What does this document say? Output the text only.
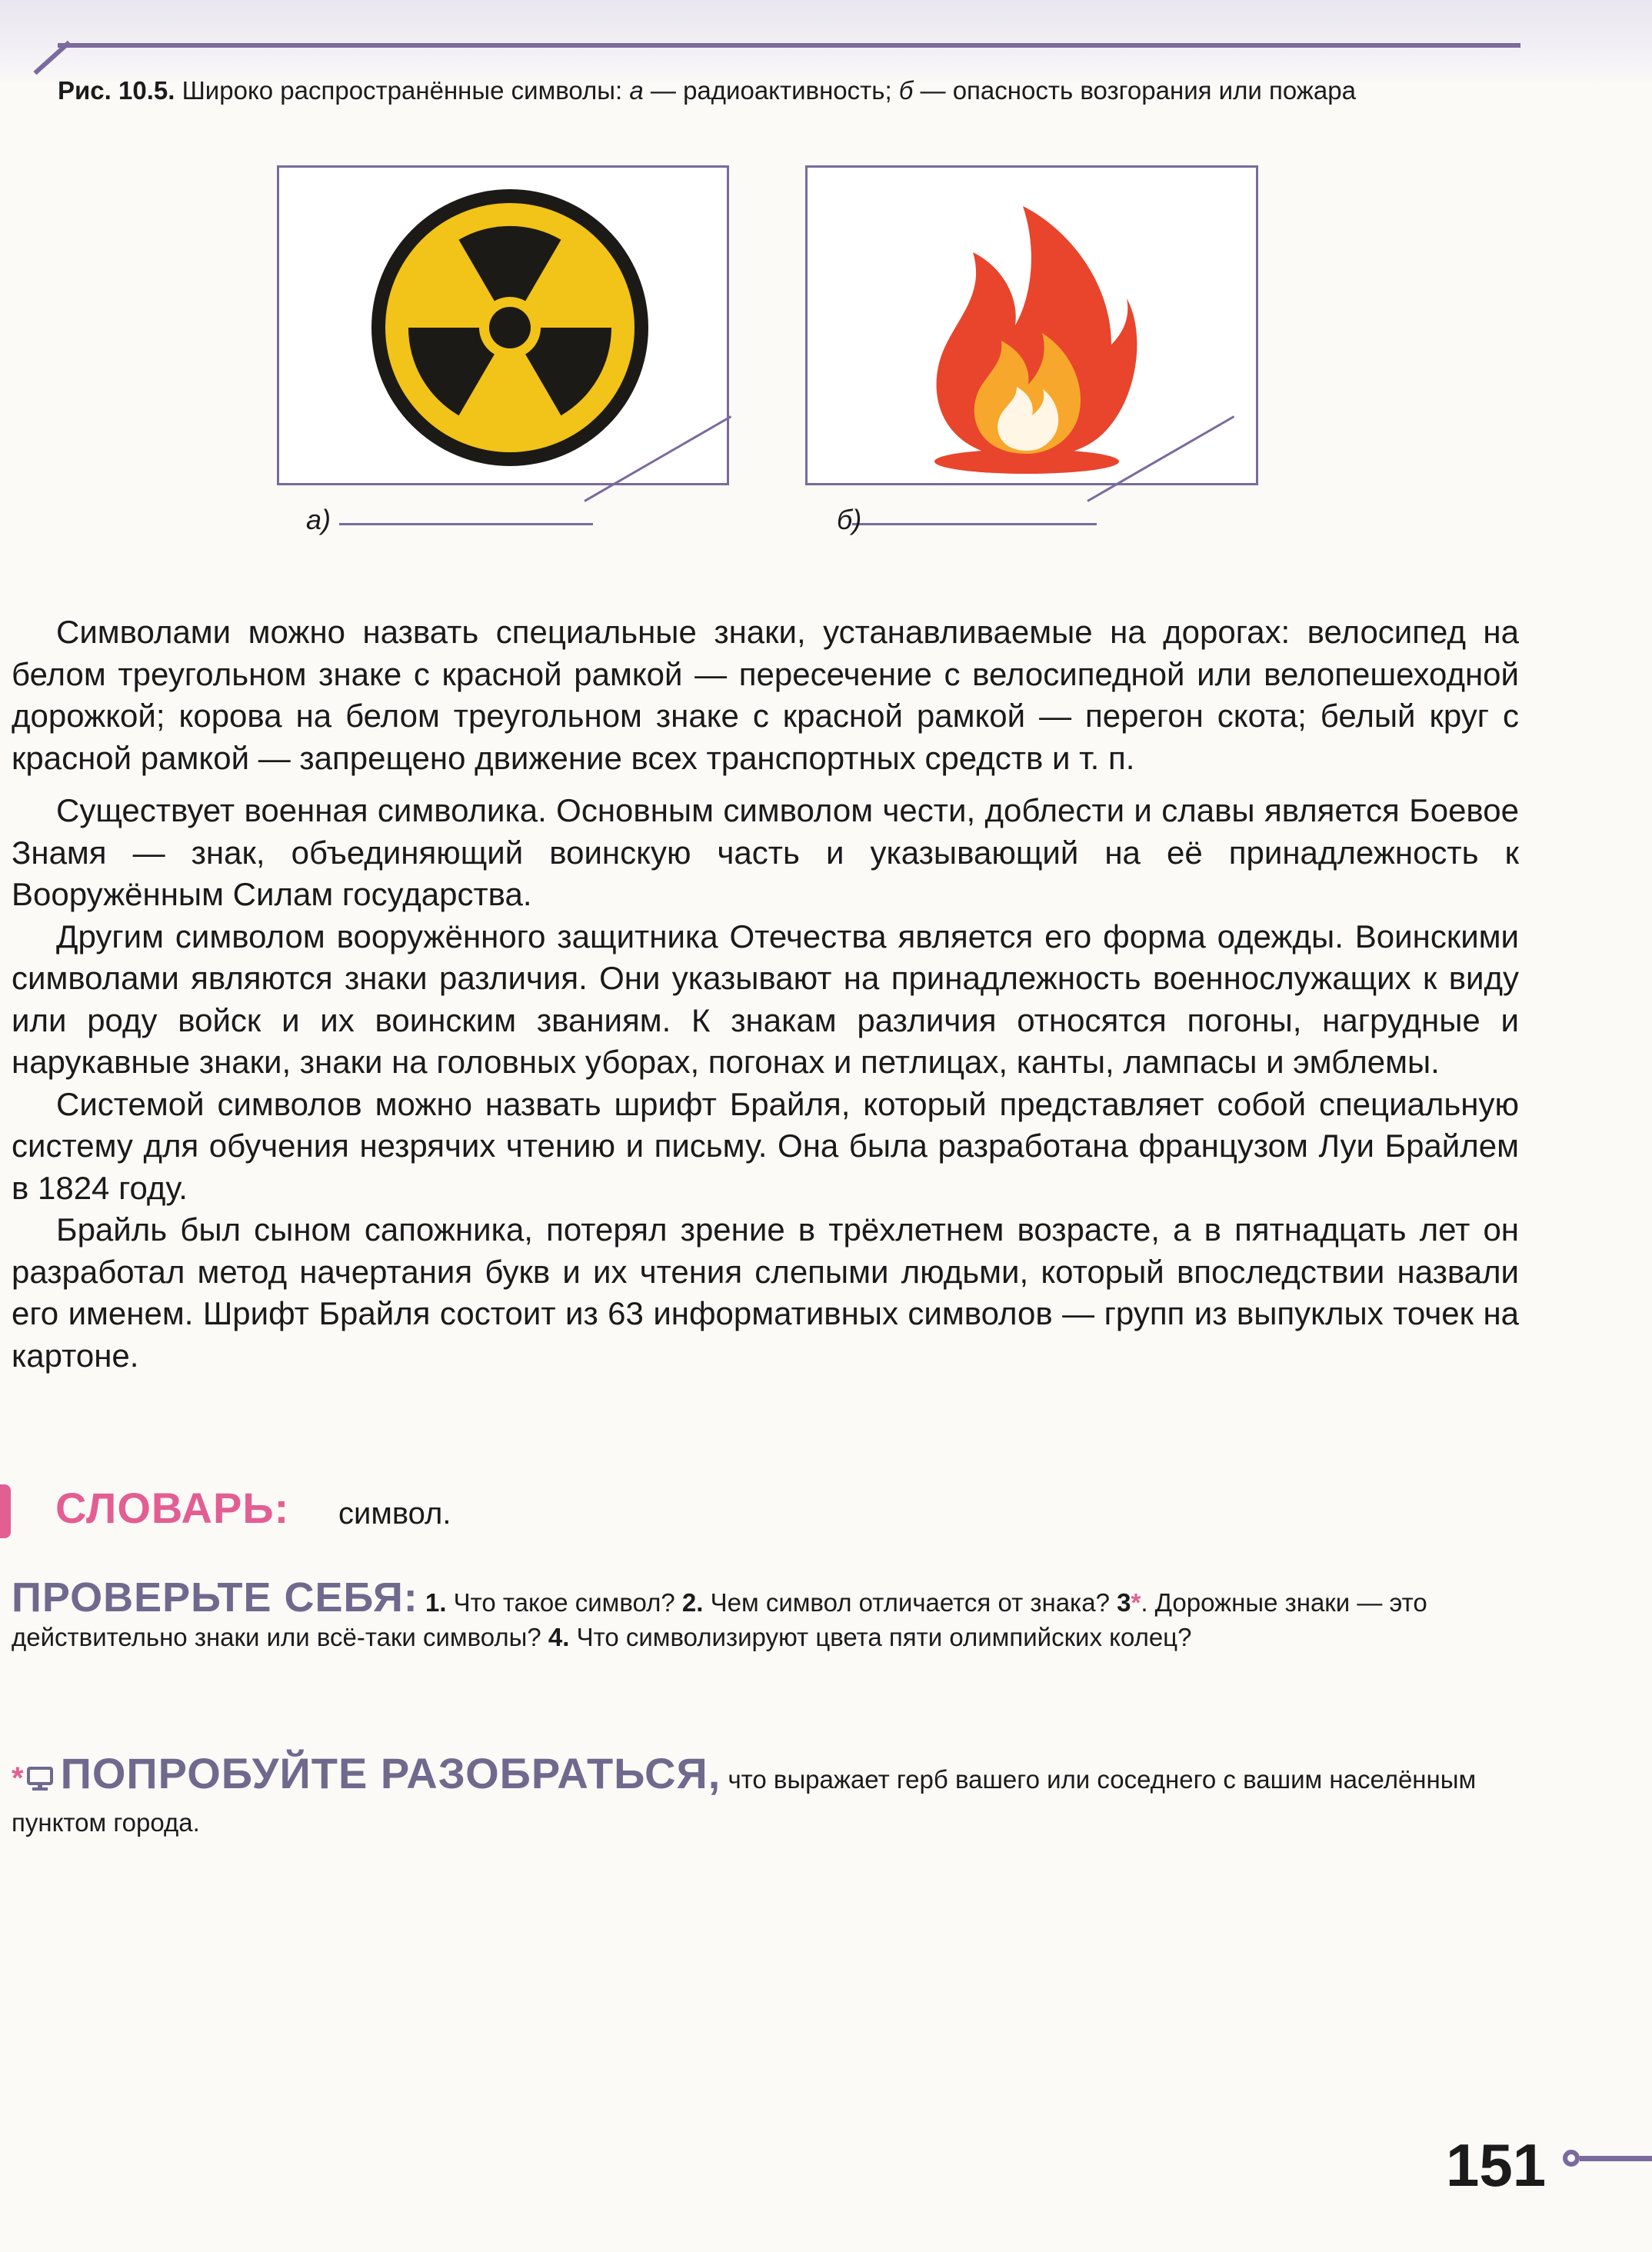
Рис. 10.5. Широко распространённые символы: а — радиоактивность; б — опасность возгорания или пожара
а)	б)

Символами можно назвать специальные знаки, устанавливаемые на дорогах: велосипед на белом треугольном знаке с красной рамкой — пересечение с велосипедной или велопешеходной дорожкой; корова на белом треугольном знаке с красной рамкой — перегон скота; белый круг с красной рамкой — запрещено движение всех транспортных средств и т. п.

Существует военная символика. Основным символом чести, доблести и славы является Боевое Знамя — знак, объединяющий воинскую часть и указывающий на её принадлежность к Вооружённым Силам государства.

Другим символом вооружённого защитника Отечества является его форма одежды. Воинскими символами являются знаки различия. Они указывают на принадлежность военнослужащих к виду или роду войск и их воинским званиям. К знакам различия относятся погоны, нагрудные и нарукавные знаки, знаки на головных уборах, погонах и петлицах, канты, лампасы и эмблемы.

Системой символов можно назвать шрифт Брайля, который представляет собой специальную систему для обучения незрячих чтению и письму. Она была разработана французом Луи Брайлем в 1824 году.

Брайль был сыном сапожника, потерял зрение в трёхлетнем возрасте, а в пятнадцать лет он разработал метод начертания букв и их чтения слепыми людьми, который впоследствии назвали его именем. Шрифт Брайля состоит из 63 информативных символов — групп из выпуклых точек на картоне.

СЛОВАРЬ: символ.
ПРОВЕРЬТЕ СЕБЯ: 1. Что такое символ? 2. Чем символ отличается от знака? 3*. Дорожные знаки — это действительно знаки или всё-таки символы? 4. Что символизируют цвета пяти олимпийских колец?
* ПОПРОБУЙТЕ РАЗОБРАТЬСЯ, что выражает герб вашего или соседнего с вашим населённым пунктом города.
151
